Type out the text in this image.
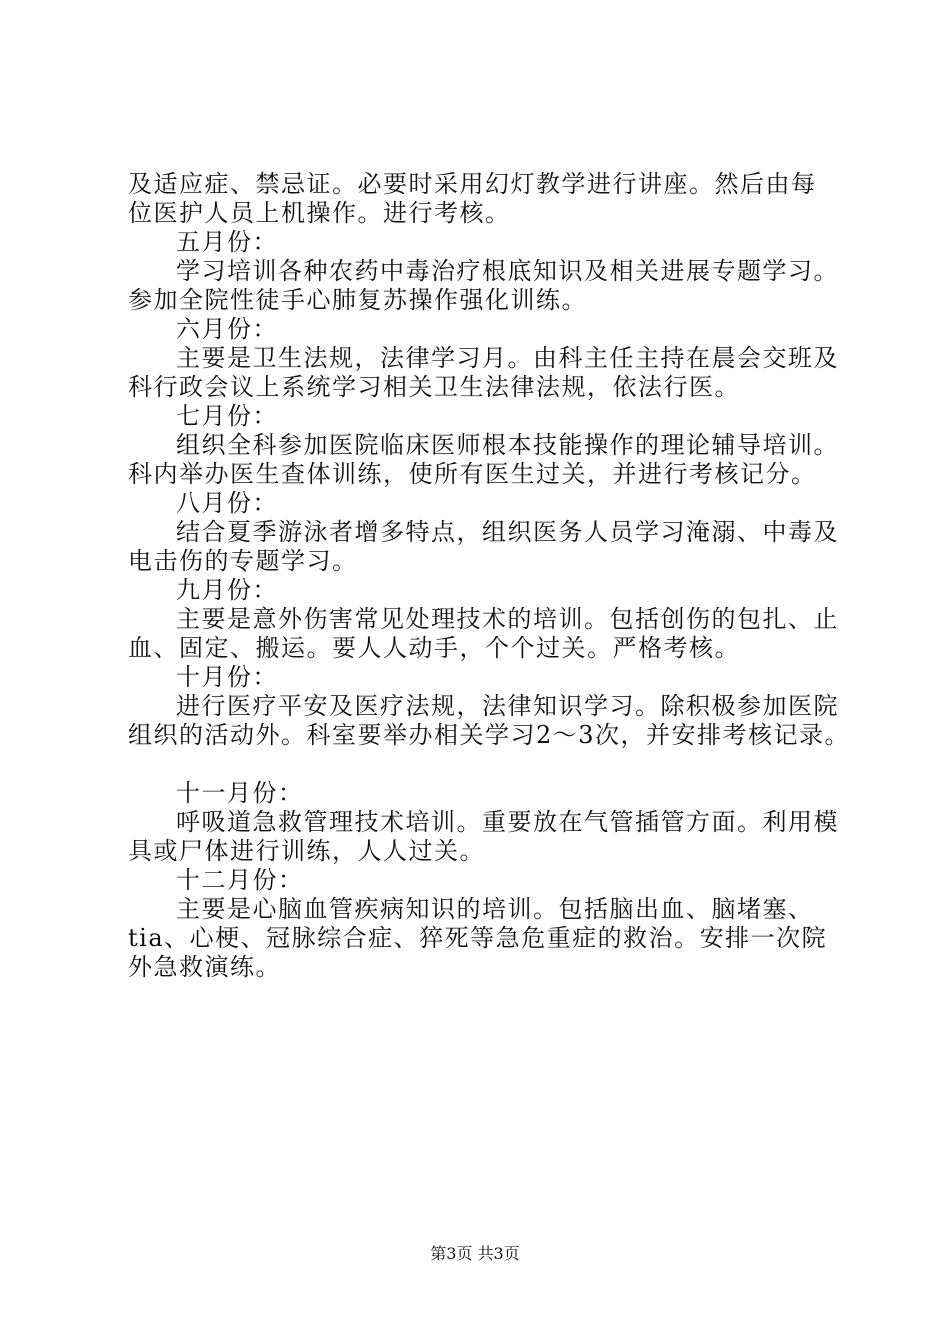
及适应症、禁忌证。必要时采用幻灯教学进行讲座。然后由每
位医护人员上机操作。进行考核。
五月份：
学习培训各种农药中毒治疗根底知识及相关进展专题学习。
参加全院性徒手心肺复苏操作强化训练。
六月份：
主要是卫生法规，法律学习月。由科主任主持在晨会交班及
科行政会议上系统学习相关卫生法律法规，依法行医。
七月份：
组织全科参加医院临床医师根本技能操作的理论辅导培训。
科内举办医生查体训练，使所有医生过关，并进行考核记分。
八月份：
结合夏季游泳者增多特点，组织医务人员学习淹溺、中毒及
电击伤的专题学习。
九月份：
主要是意外伤害常见处理技术的培训。包括创伤的包扎、止
血、固定、搬运。要人人动手，个个过关。严格考核。
十月份：
进行医疗平安及医疗法规，法律知识学习。除积极参加医院
组织的活动外。科室要举办相关学习2～3次，并安排考核记录。
十一月份：
呼吸道急救管理技术培训。重要放在气管插管方面。利用模
具或尸体进行训练，人人过关。
十二月份：
主要是心脑血管疾病知识的培训。包括脑出血、脑堵塞、
tia、心梗、冠脉综合症、猝死等急危重症的救治。安排一次院
外急救演练。
第3页 共3页
